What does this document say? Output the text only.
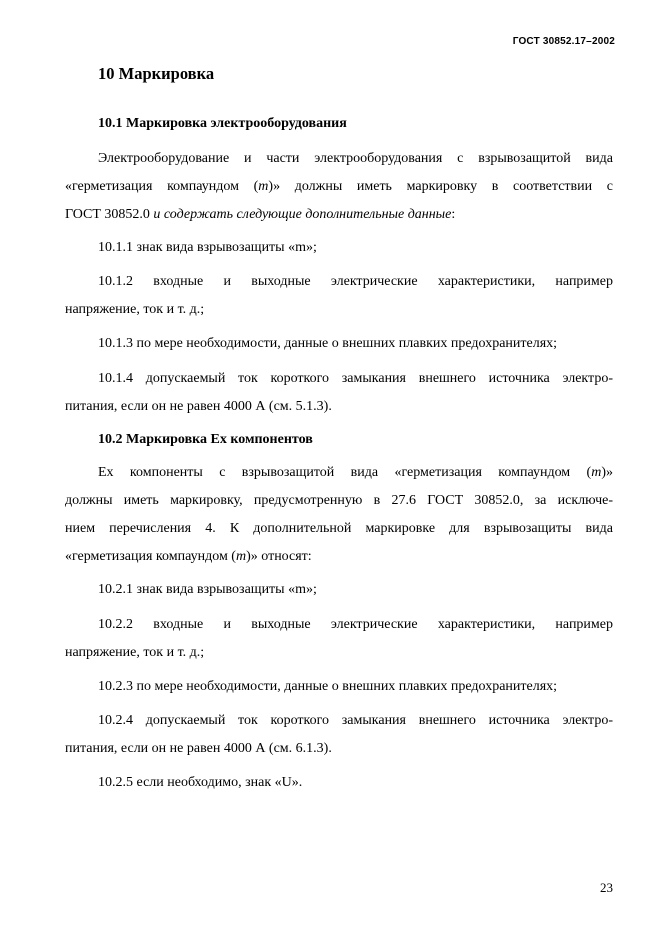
ГОСТ 30852.17–2002
10 Маркировка
10.1 Маркировка электрооборудования
Электрооборудование и части электрооборудования с взрывозащитой вида
«герметизация компаундом (m)» должны иметь маркировку в соответствии с
ГОСТ 30852.0 и содержать следующие дополнительные данные:
10.1.1 знак вида взрывозащиты «m»;
10.1.2 входные и выходные электрические характеристики, например
напряжение, ток и т. д.;
10.1.3 по мере необходимости, данные о внешних плавких предохранителях;
10.1.4 допускаемый ток короткого замыкания внешнего источника электро-
питания, если он не равен 4000 А (см. 5.1.3).
10.2 Маркировка Ex компонентов
Ex компоненты с взрывозащитой вида «герметизация компаундом (m)»
должны иметь маркировку, предусмотренную в 27.6 ГОСТ 30852.0, за исключе-
нием перечисления 4. К дополнительной маркировке для взрывозащиты вида
«герметизация компаундом (m)» относят:
10.2.1 знак вида взрывозащиты «m»;
10.2.2 входные и выходные электрические характеристики, например
напряжение, ток и т. д.;
10.2.3 по мере необходимости, данные о внешних плавких предохранителях;
10.2.4 допускаемый ток короткого замыкания внешнего источника электро-
питания, если он не равен 4000 А (см. 6.1.3).
10.2.5 если необходимо, знак «U».
23
